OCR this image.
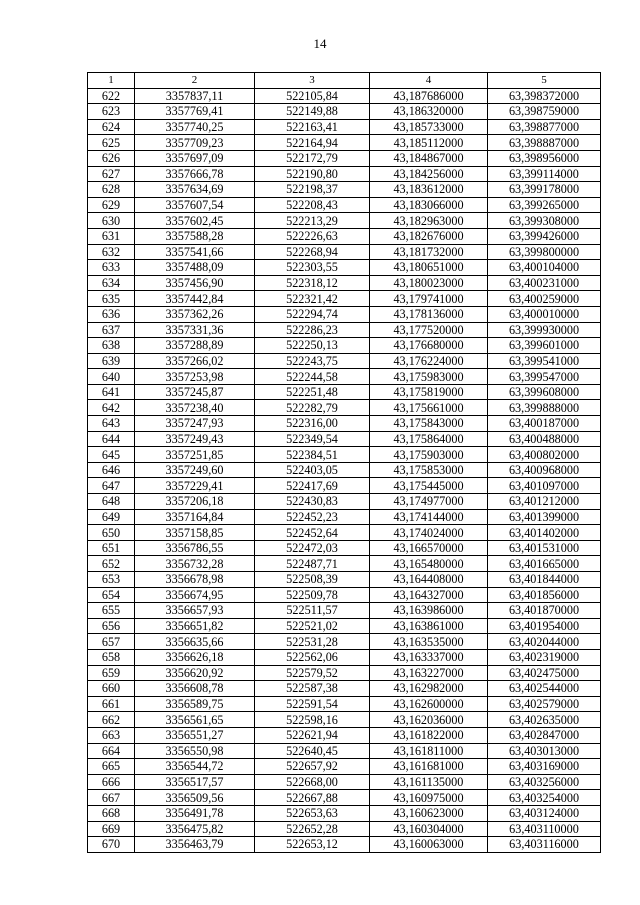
14
1	2	3	4	5
622	3357837,11	522105,84	43,187686000	63,398372000
623	3357769,41	522149,88	43,186320000	63,398759000
624	3357740,25	522163,41	43,185733000	63,398877000
625	3357709,23	522164,94	43,185112000	63,398887000
626	3357697,09	522172,79	43,184867000	63,398956000
627	3357666,78	522190,80	43,184256000	63,399114000
628	3357634,69	522198,37	43,183612000	63,399178000
629	3357607,54	522208,43	43,183066000	63,399265000
630	3357602,45	522213,29	43,182963000	63,399308000
631	3357588,28	522226,63	43,182676000	63,399426000
632	3357541,66	522268,94	43,181732000	63,399800000
633	3357488,09	522303,55	43,180651000	63,400104000
634	3357456,90	522318,12	43,180023000	63,400231000
635	3357442,84	522321,42	43,179741000	63,400259000
636	3357362,26	522294,74	43,178136000	63,400010000
637	3357331,36	522286,23	43,177520000	63,399930000
638	3357288,89	522250,13	43,176680000	63,399601000
639	3357266,02	522243,75	43,176224000	63,399541000
640	3357253,98	522244,58	43,175983000	63,399547000
641	3357245,87	522251,48	43,175819000	63,399608000
642	3357238,40	522282,79	43,175661000	63,399888000
643	3357247,93	522316,00	43,175843000	63,400187000
644	3357249,43	522349,54	43,175864000	63,400488000
645	3357251,85	522384,51	43,175903000	63,400802000
646	3357249,60	522403,05	43,175853000	63,400968000
647	3357229,41	522417,69	43,175445000	63,401097000
648	3357206,18	522430,83	43,174977000	63,401212000
649	3357164,84	522452,23	43,174144000	63,401399000
650	3357158,85	522452,64	43,174024000	63,401402000
651	3356786,55	522472,03	43,166570000	63,401531000
652	3356732,28	522487,71	43,165480000	63,401665000
653	3356678,98	522508,39	43,164408000	63,401844000
654	3356674,95	522509,78	43,164327000	63,401856000
655	3356657,93	522511,57	43,163986000	63,401870000
656	3356651,82	522521,02	43,163861000	63,401954000
657	3356635,66	522531,28	43,163535000	63,402044000
658	3356626,18	522562,06	43,163337000	63,402319000
659	3356620,92	522579,52	43,163227000	63,402475000
660	3356608,78	522587,38	43,162982000	63,402544000
661	3356589,75	522591,54	43,162600000	63,402579000
662	3356561,65	522598,16	43,162036000	63,402635000
663	3356551,27	522621,94	43,161822000	63,402847000
664	3356550,98	522640,45	43,161811000	63,403013000
665	3356544,72	522657,92	43,161681000	63,403169000
666	3356517,57	522668,00	43,161135000	63,403256000
667	3356509,56	522667,88	43,160975000	63,403254000
668	3356491,78	522653,63	43,160623000	63,403124000
669	3356475,82	522652,28	43,160304000	63,403110000
670	3356463,79	522653,12	43,160063000	63,403116000
